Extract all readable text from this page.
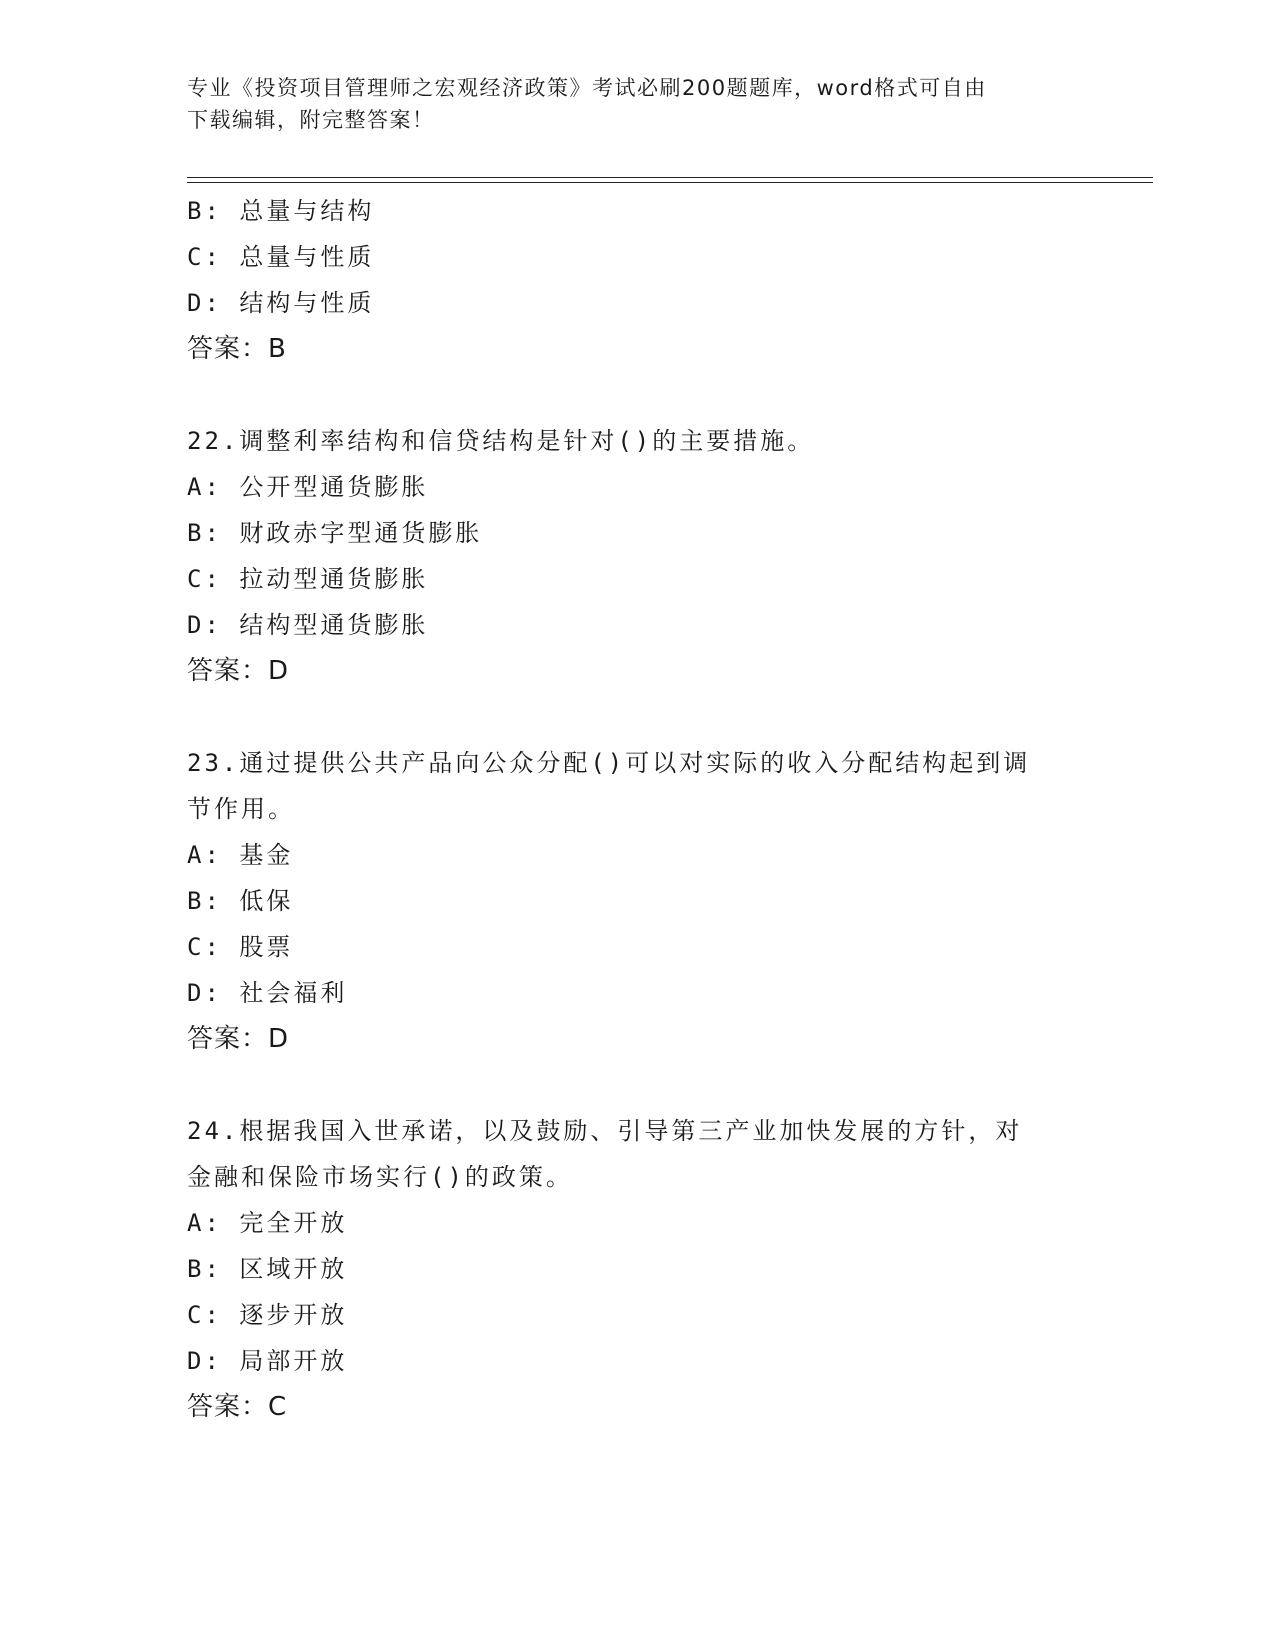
专业《投资项目管理师之宏观经济政策》考试必刷200题题库，word格式可自由
下载编辑，附完整答案！
B: 总量与结构
C: 总量与性质
D: 结构与性质
答案：B
22.调整利率结构和信贷结构是针对()的主要措施。
A: 公开型通货膨胀
B: 财政赤字型通货膨胀
C: 拉动型通货膨胀
D: 结构型通货膨胀
答案：D
23.通过提供公共产品向公众分配()可以对实际的收入分配结构起到调
节作用。
A: 基金
B: 低保
C: 股票
D: 社会福利
答案：D
24.根据我国入世承诺，以及鼓励、引导第三产业加快发展的方针，对
金融和保险市场实行()的政策。
A: 完全开放
B: 区域开放
C: 逐步开放
D: 局部开放
答案：C
